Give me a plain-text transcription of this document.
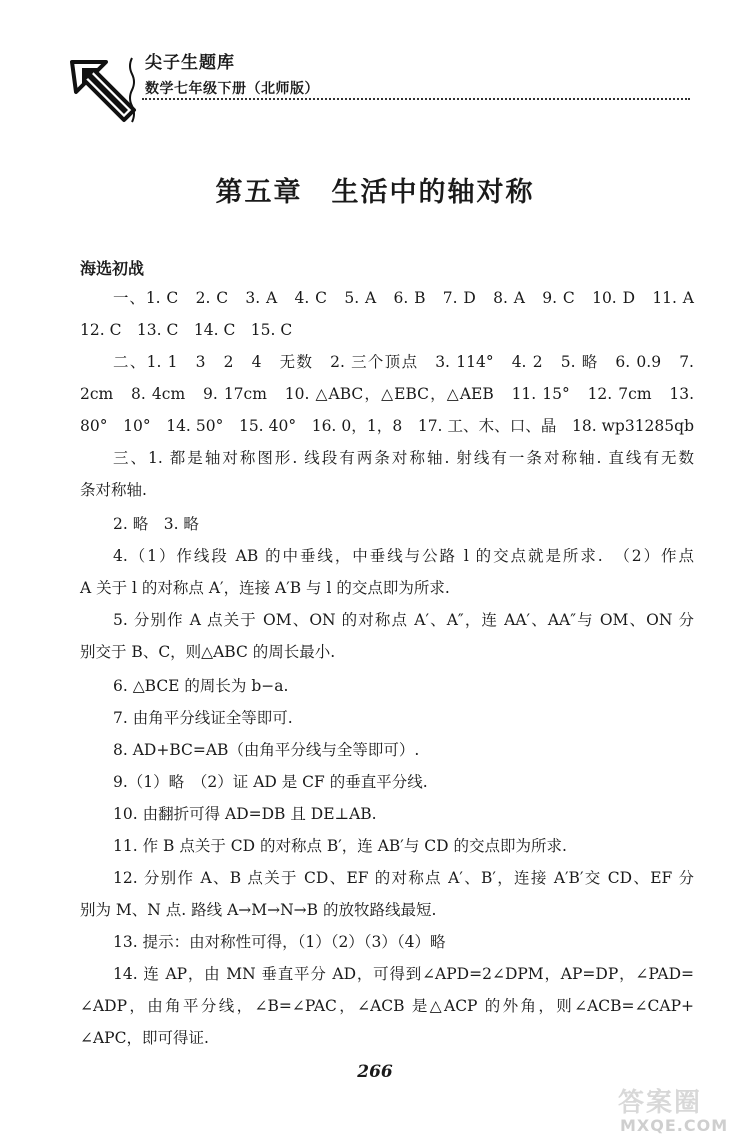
尖子生题库
数学七年级下册（北师版）
第五章　生活中的轴对称
海选初战
一、1. C　2. C　3. A　4. C　5. A　6. B　7. D　8. A　9. C　10. D　11. A
12. C　13. C　14. C　15. C
二、1. 1　3　2　4　无数　2. 三个顶点　3. 114°　4. 2　5. 略　6. 0.9　7.
2cm　8. 4cm　9. 17cm　10. △ABC，△EBC，△AEB　11. 15°　12. 7cm　13.
80°　10°　14. 50°　15. 40°　16. 0，1，8　17. 工、木、口、晶　18. wp31285qb
三、1. 都是轴对称图形. 线段有两条对称轴. 射线有一条对称轴. 直线有无数
条对称轴.
2. 略　3. 略
4.（1）作线段 AB 的中垂线，中垂线与公路 l 的交点就是所求.　（2）作点
A 关于 l 的对称点 A′，连接 A′B 与 l 的交点即为所求.
5. 分别作 A 点关于 OM、ON 的对称点 A′、A″，连 AA′、AA″与 OM、ON 分
别交于 B、C，则△ABC 的周长最小.
6. △BCE 的周长为 b−a.
7. 由角平分线证全等即可.
8. AD+BC=AB（由角平分线与全等即可）.
9.（1）略　（2）证 AD 是 CF 的垂直平分线.
10. 由翻折可得 AD=DB 且 DE⊥AB.
11. 作 B 点关于 CD 的对称点 B′，连 AB′与 CD 的交点即为所求.
12. 分别作 A、B 点关于 CD、EF 的对称点 A′、B′，连接 A′B′交 CD、EF 分
别为 M、N 点. 路线 A→M→N→B 的放牧路线最短.
13. 提示：由对称性可得，（1）（2）（3）（4）略
14. 连 AP，由 MN 垂直平分 AD，可得到∠APD=2∠DPM，AP=DP，∠PAD=
∠ADP，由角平分线，∠B=∠PAC，∠ACB 是△ACP 的外角，则∠ACB=∠CAP+
∠APC，即可得证.
266
答案圈
MXQE.COM
